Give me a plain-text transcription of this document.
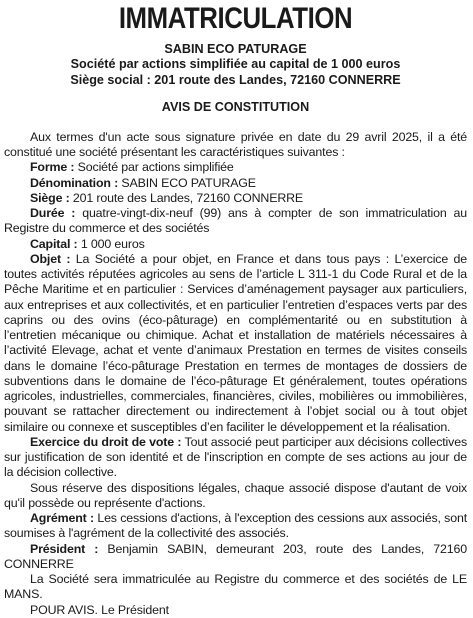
IMMATRICULATION
SABIN ECO PATURAGE
Société par actions simplifiée au capital de 1 000 euros
Siège social : 201 route des Landes, 72160 CONNERRE
AVIS DE CONSTITUTION

Aux termes d'un acte sous signature privée en date du 29 avril 2025, il a été constitué une société présentant les caractéristiques suivantes :

Forme : Société par actions simplifiée

Dénomination : SABIN ECO PATURAGE

Siège : 201 route des Landes, 72160 CONNERRE

Durée : quatre-vingt-dix-neuf (99) ans à compter de son immatriculation au Registre du commerce et des sociétés

Capital : 1 000 euros

Objet : La Société a pour objet, en France et dans tous pays : L’exercice de toutes activités réputées agricoles au sens de l’article L 311-1 du Code Rural et de la Pêche Maritime et en particulier : Services d’aménagement paysager aux particuliers, aux entreprises et aux collectivités, et en particulier l’entretien d’espaces verts par des caprins ou des ovins (éco-pâturage) en complémentarité ou en substitution à l’entretien mécanique ou chimique. Achat et installation de matériels nécessaires à l’activité Elevage, achat et vente d’animaux Prestation en termes de visites conseils dans le domaine l’éco-pâturage Prestation en termes de montages de dossiers de subventions dans le domaine de l’éco-pâturage Et généralement, toutes opérations agricoles, industrielles, commerciales, financières, civiles, mobilières ou immobilières, pouvant se rattacher directement ou indirectement à l’objet social ou à tout objet similaire ou connexe et susceptibles d’en faciliter le développement et la réalisation.

Exercice du droit de vote : Tout associé peut participer aux décisions collectives sur justification de son identité et de l'inscription en compte de ses actions au jour de la décision collective.

Sous réserve des dispositions légales, chaque associé dispose d'autant de voix qu'il possède ou représente d'actions.

Agrément : Les cessions d'actions, à l'exception des cessions aux associés, sont soumises à l'agrément de la collectivité des associés.

Président : Benjamin SABIN, demeurant 203, route des Landes, 72160 CONNERRE

La Société sera immatriculée au Registre du commerce et des sociétés de LE MANS.

POUR AVIS. Le Président
